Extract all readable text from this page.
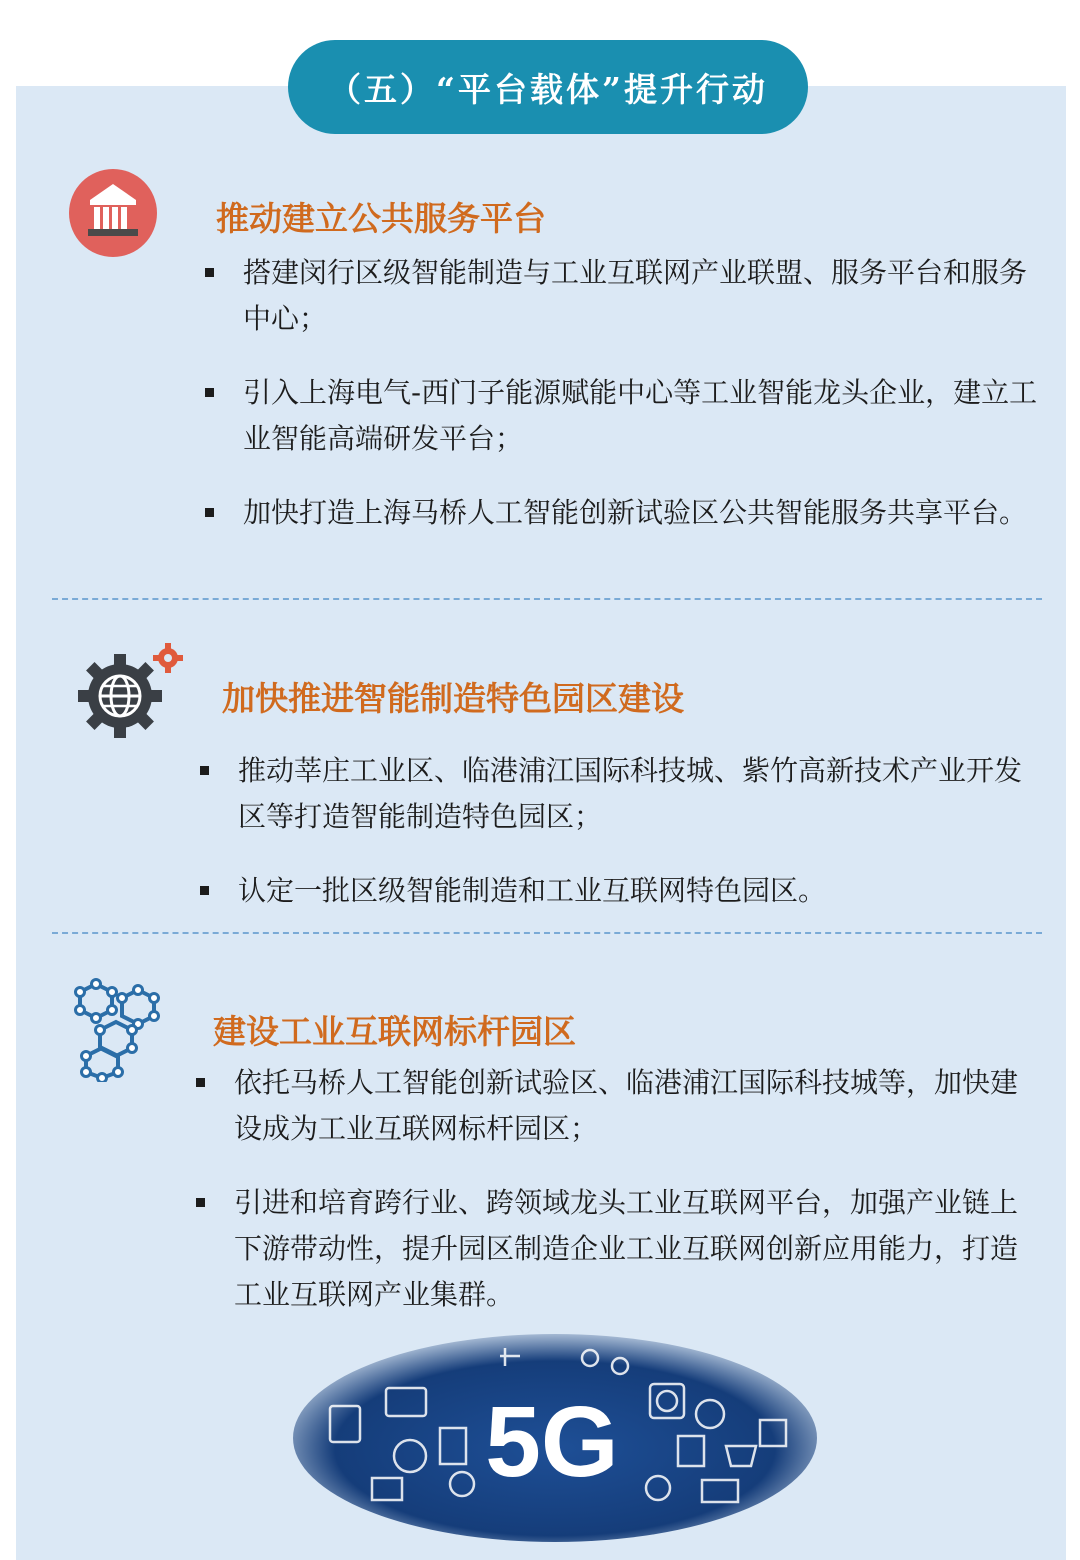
（五）“平台载体”提升行动
推动建立公共服务平台
搭建闵行区级智能制造与工业互联网产业联盟、服务平台和服务中心；
引入上海电气-西门子能源赋能中心等工业智能龙头企业，建立工业智能高端研发平台；
加快打造上海马桥人工智能创新试验区公共智能服务共享平台。
加快推进智能制造特色园区建设
推动莘庄工业区、临港浦江国际科技城、紫竹高新技术产业开发区等打造智能制造特色园区；
认定一批区级智能制造和工业互联网特色园区。
建设工业互联网标杆园区
依托马桥人工智能创新试验区、临港浦江国际科技城等，加快建设成为工业互联网标杆园区；
引进和培育跨行业、跨领域龙头工业互联网平台，加强产业链上下游带动性，提升园区制造企业工业互联网创新应用能力，打造工业互联网产业集群。
5G
